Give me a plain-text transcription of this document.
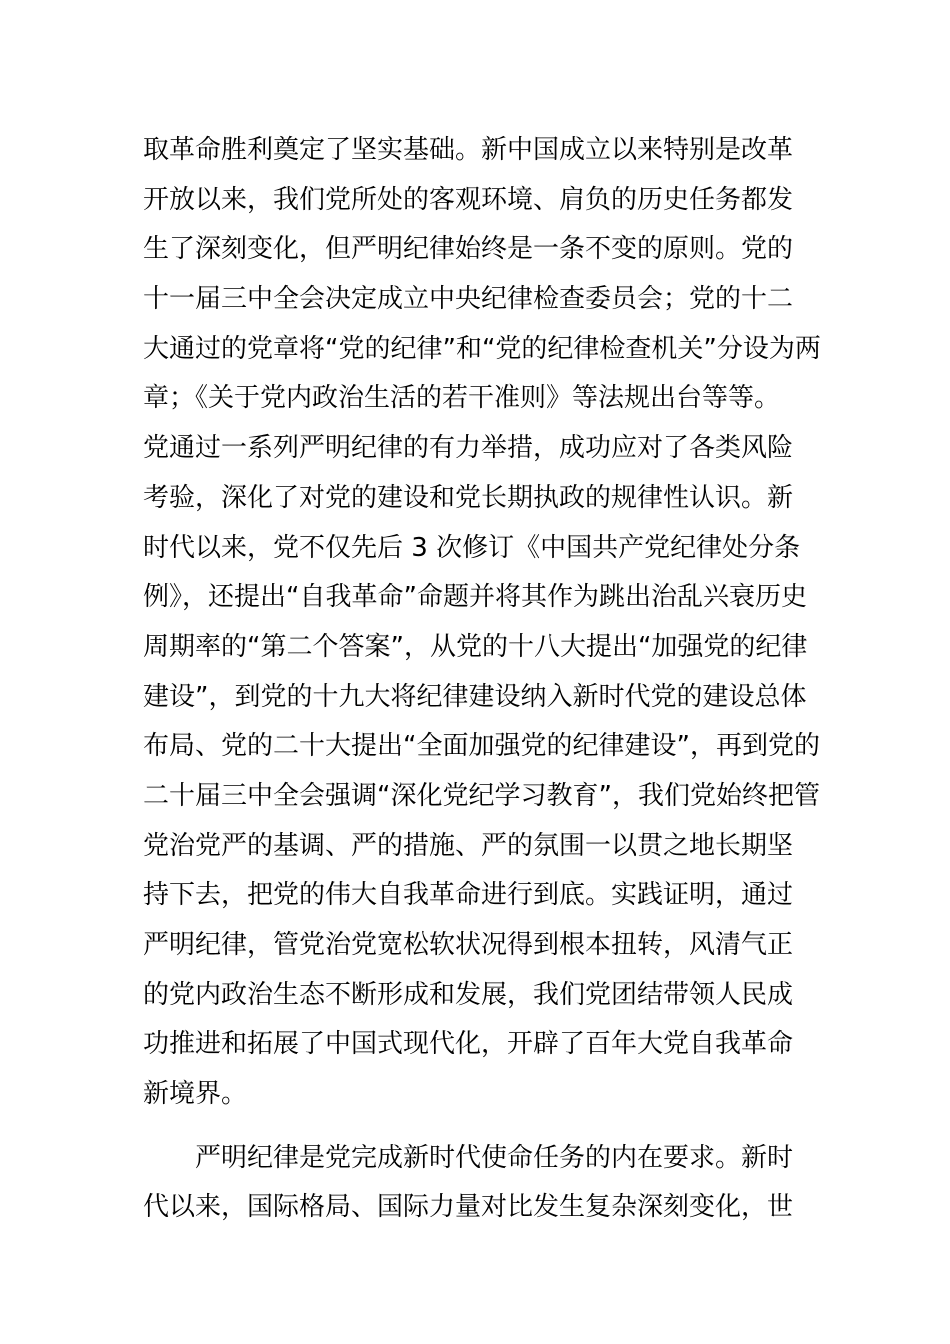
取革命胜利奠定了坚实基础。新中国成立以来特别是改革
开放以来，我们党所处的客观环境、肩负的历史任务都发
生了深刻变化，但严明纪律始终是一条不变的原则。党的
十一届三中全会决定成立中央纪律检查委员会；党的十二
大通过的党章将“党的纪律”和“党的纪律检查机关”分设为两
章；《关于党内政治生活的若干准则》等法规出台等等。
党通过一系列严明纪律的有力举措，成功应对了各类风险
考验，深化了对党的建设和党长期执政的规律性认识。新
时代以来，党不仅先后 3 次修订《中国共产党纪律处分条
例》，还提出“自我革命”命题并将其作为跳出治乱兴衰历史
周期率的“第二个答案”，从党的十八大提出“加强党的纪律
建设”，到党的十九大将纪律建设纳入新时代党的建设总体
布局、党的二十大提出“全面加强党的纪律建设”，再到党的
二十届三中全会强调“深化党纪学习教育”，我们党始终把管
党治党严的基调、严的措施、严的氛围一以贯之地长期坚
持下去，把党的伟大自我革命进行到底。实践证明，通过
严明纪律，管党治党宽松软状况得到根本扭转，风清气正
的党内政治生态不断形成和发展，我们党团结带领人民成
功推进和拓展了中国式现代化，开辟了百年大党自我革命
新境界。
严明纪律是党完成新时代使命任务的内在要求。新时
代以来，国际格局、国际力量对比发生复杂深刻变化，世
